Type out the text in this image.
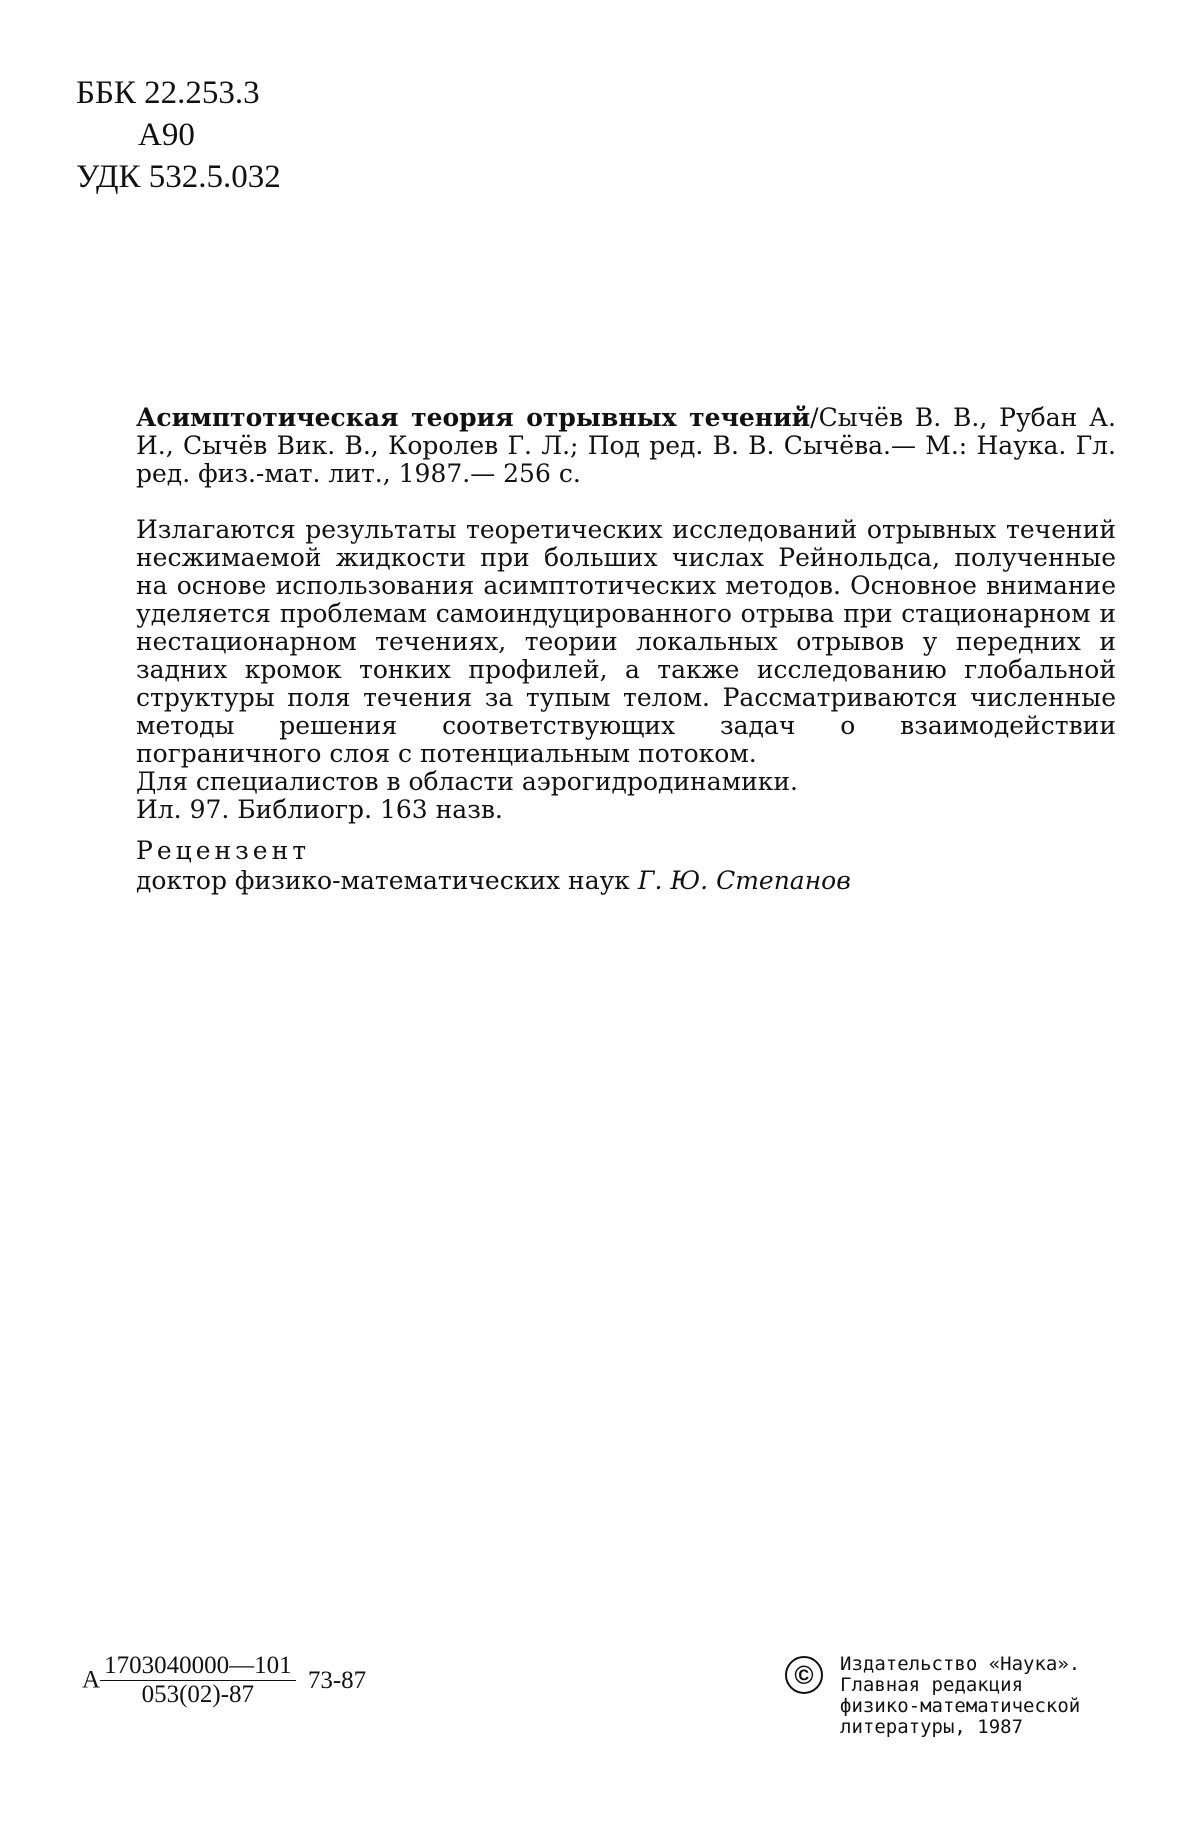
ББК 22.253.3
А90
УДК 532.5.032

Асимптотическая теория отрывных течений/Сычёв В. В., Рубан А. И., Сычёв Вик. В., Королев Г. Л.; Под ред. В. В. Сычёва.— М.: Наука. Гл. ред. физ.-мат. лит., 1987.— 256 с.

Излагаются результаты теоретических исследований отрывных течений несжимаемой жидкости при больших числах Рейнольдса, полученные на основе использования асимптотических методов. Основное внимание уделяется проблемам самоиндуцированного отрыва при стационарном и нестационарном течениях, теории локальных отрывов у передних и задних кромок тонких профилей, а также исследованию глобальной структуры поля течения за тупым телом. Рассматриваются численные методы решения соответствующих задач о взаимодействии пограничного слоя с потенциальным потоком.

Для специалистов в области аэрогидродинамики.

Ил. 97. Библиогр. 163 назв.

Рецензент
доктор физико-математических наук Г. Ю. Степанов
А $\frac{1703040000—101}{053(02)-87} 73-87$	©	Издательство «Наука».
Главная редакция
физико-математической
литературы, 1987
